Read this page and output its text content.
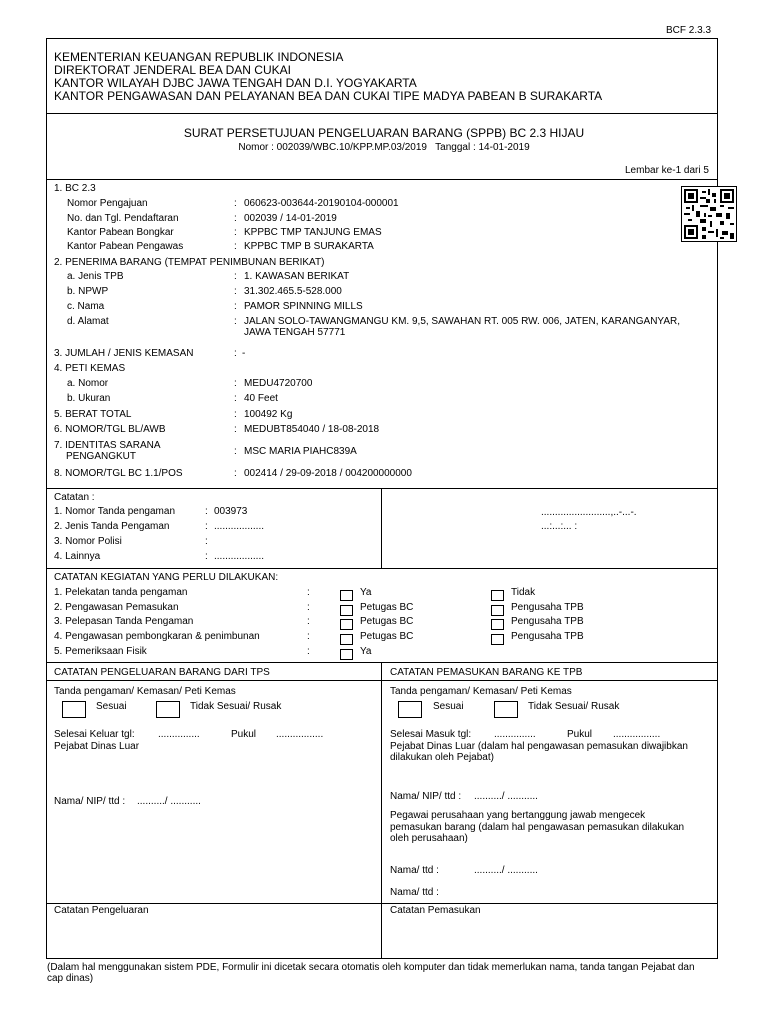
BCF 2.3.3
KEMENTERIAN KEUANGAN REPUBLIK INDONESIA
DIREKTORAT JENDERAL BEA DAN CUKAI
KANTOR WILAYAH DJBC JAWA TENGAH DAN D.I. YOGYAKARTA
KANTOR PENGAWASAN DAN PELAYANAN BEA DAN CUKAI TIPE MADYA PABEAN B SURAKARTA
SURAT PERSETUJUAN PENGELUARAN BARANG (SPPB) BC 2.3 HIJAU
Nomor : 002039/WBC.10/KPP.MP.03/2019   Tanggal : 14-01-2019
Lembar ke-1 dari 5
1. BC 2.3
Nomor Pengajuan	: 060623-003644-20190104-000001
No. dan Tgl. Pendaftaran	: 002039 / 14-01-2019
Kantor Pabean Bongkar	: KPPBC TMP TANJUNG EMAS
Kantor Pabean Pengawas	: KPPBC TMP B SURAKARTA
2. PENERIMA BARANG (TEMPAT PENIMBUNAN BERIKAT)
a. Jenis TPB	: 1. KAWASAN BERIKAT
b. NPWP	: 31.302.465.5-528.000
c. Nama	: PAMOR SPINNING MILLS
d. Alamat	: JALAN SOLO-TAWANGMANGU KM. 9,5, SAWAHAN RT. 005 RW. 006, JATEN, KARANGANYAR,
JAWA TENGAH 57771
3. JUMLAH / JENIS KEMASAN	: -
4. PETI KEMAS
a. Nomor	: MEDU4720700
b. Ukuran	: 40 Feet
5. BERAT TOTAL	: 100492 Kg
6. NOMOR/TGL BL/AWB	: MEDUBT854040 / 18-08-2018
7. IDENTITAS SARANA
PENGANGKUT	: MSC MARIA PIAHC839A
8. NOMOR/TGL BC 1.1/POS	: 002414 / 29-09-2018 / 004200000000
Catatan :
1. Nomor Tanda pengaman	: 003973
2. Jenis Tanda Pengaman	: ..................
3. Nomor Polisi	:
4. Lainnya	: ..................
.........................,..-...-.
...:...:... :
CATATAN KEGIATAN YANG PERLU DILAKUKAN:
1. Pelekatan tanda pengaman	:	Ya	Tidak
2. Pengawasan Pemasukan	:	Petugas BC	Pengusaha TPB
3. Pelepasan Tanda Pengaman	:	Petugas BC	Pengusaha TPB
4. Pengawasan pembongkaran & penimbunan	:	Petugas BC	Pengusaha TPB
5. Pemeriksaan Fisik	:	Ya
CATATAN PENGELUARAN BARANG DARI TPS
Tanda pengaman/ Kemasan/ Peti Kemas
Sesuai	Tidak Sesuai/ Rusak
Selesai Keluar tgl: ...............	Pukul .................
Pejabat Dinas Luar
Nama/ NIP/ ttd : ........../ ...........
CATATAN PEMASUKAN BARANG KE TPB
Tanda pengaman/ Kemasan/ Peti Kemas
Sesuai	Tidak Sesuai/ Rusak
Selesai Masuk tgl: ...............	Pukul .................
Pejabat Dinas Luar (dalam hal pengawasan pemasukan diwajibkan
dilakukan oleh Pejabat)
Nama/ NIP/ ttd : ........../ ...........
Pegawai perusahaan yang bertanggung jawab mengecek
pemasukan barang (dalam hal pengawasan pemasukan dilakukan
oleh perusahaan)
Nama/ ttd :	........../ ...........
Nama/ ttd :
Catatan Pengeluaran	Catatan Pemasukan
(Dalam hal menggunakan sistem PDE, Formulir ini dicetak secara otomatis oleh komputer dan tidak memerlukan nama, tanda tangan Pejabat dan
cap dinas)
